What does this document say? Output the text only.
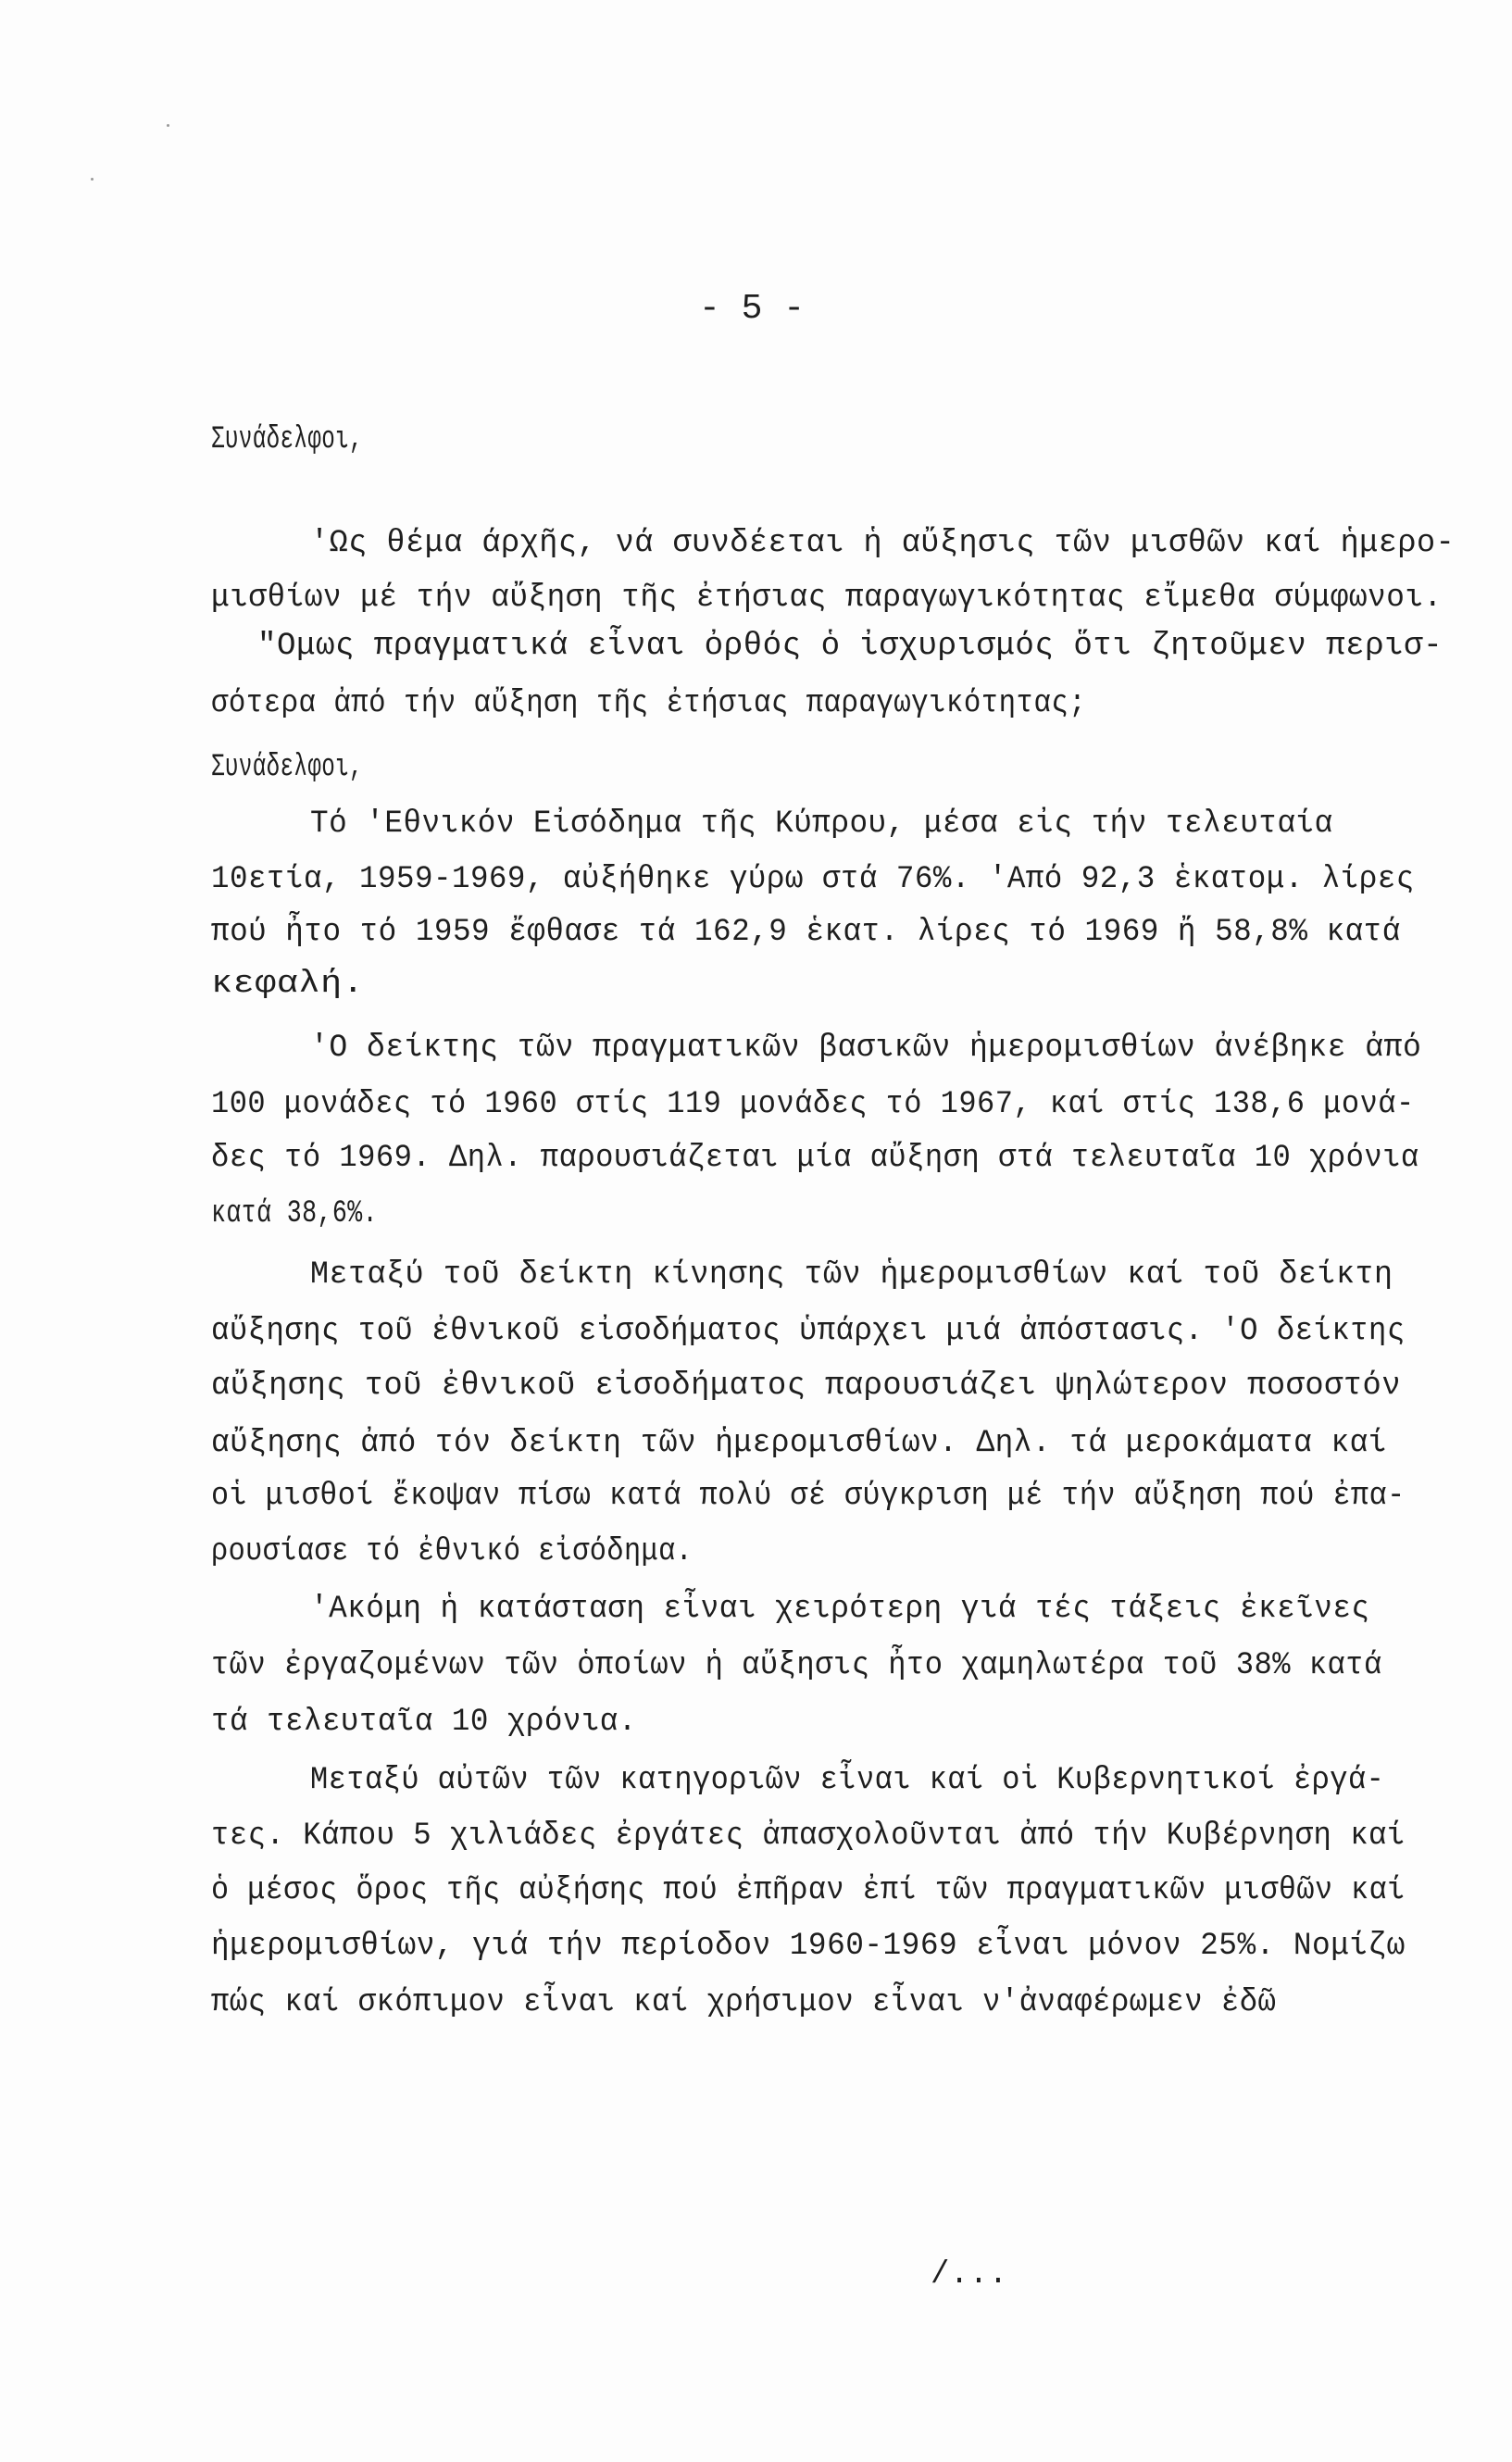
- 5 -
Συνάδελφοι,
'Ως θέμα άρχῆς, νά συνδέεται ἡ αὔξησις τῶν μισθῶν καί ἡμερο-
μισθίων μέ τήν αὔξηση τῆς ἐτήσιας παραγωγικότητας εἴμεθα σύμφωνοι.
"Ομως πραγματικά εἶναι ὀρθός ὁ ἰσχυρισμός ὅτι ζητοῦμεν περισ-
σότερα ἀπό τήν αὔξηση τῆς ἐτήσιας παραγωγικότητας;
Συνάδελφοι,
Τό 'Εθνικόν Εἰσόδημα τῆς Κύπρου, μέσα εἰς τήν τελευταία
10ετία, 1959-1969, αὐξήθηκε γύρω στά 76%. 'Από 92,3 ἑκατομ. λίρες
πού ἦτο τό 1959 ἔφθασε τά 162,9 ἑκατ. λίρες τό 1969 ἤ 58,8% κατά
κεφαλή.
'Ο δείκτης τῶν πραγματικῶν βασικῶν ἡμερομισθίων ἀνέβηκε ἀπό
100 μονάδες τό 1960 στίς 119 μονάδες τό 1967, καί στίς 138,6 μονά-
δες τό 1969. Δηλ. παρουσιάζεται μία αὔξηση στά τελευταῖα 10 χρόνια
κατά 38,6%.
Μεταξύ τοῦ δείκτη κίνησης τῶν ἡμερομισθίων καί τοῦ δείκτη
αὔξησης τοῦ ἐθνικοῦ εἰσοδήματος ὑπάρχει μιά ἀπόστασις. 'Ο δείκτης
αὔξησης τοῦ ἐθνικοῦ εἰσοδήματος παρουσιάζει ψηλώτερον ποσοστόν
αὔξησης ἀπό τόν δείκτη τῶν ἡμερομισθίων. Δηλ. τά μεροκάματα καί
οἱ μισθοί ἔκοψαν πίσω κατά πολύ σέ σύγκριση μέ τήν αὔξηση πού ἐπα-
ρουσίασε τό ἐθνικό εἰσόδημα.
'Ακόμη ἡ κατάσταση εἶναι χειρότερη γιά τές τάξεις ἐκεῖνες
τῶν ἐργαζομένων τῶν ὁποίων ἡ αὔξησις ἦτο χαμηλωτέρα τοῦ 38% κατά
τά τελευταῖα 10 χρόνια.
Μεταξύ αὐτῶν τῶν κατηγοριῶν εἶναι καί οἱ Κυβερνητικοί ἐργά-
τες. Κάπου 5 χιλιάδες ἐργάτες ἀπασχολοῦνται ἀπό τήν Κυβέρνηση καί
ὁ μέσος ὅρος τῆς αὐξήσης πού ἐπῆραν ἐπί τῶν πραγματικῶν μισθῶν καί
ἡμερομισθίων, γιά τήν περίοδον 1960-1969 εἶναι μόνον 25%. Νομίζω
πώς καί σκόπιμον εἶναι καί χρήσιμον εἶναι ν'ἀναφέρωμεν ἐδῶ
/...
